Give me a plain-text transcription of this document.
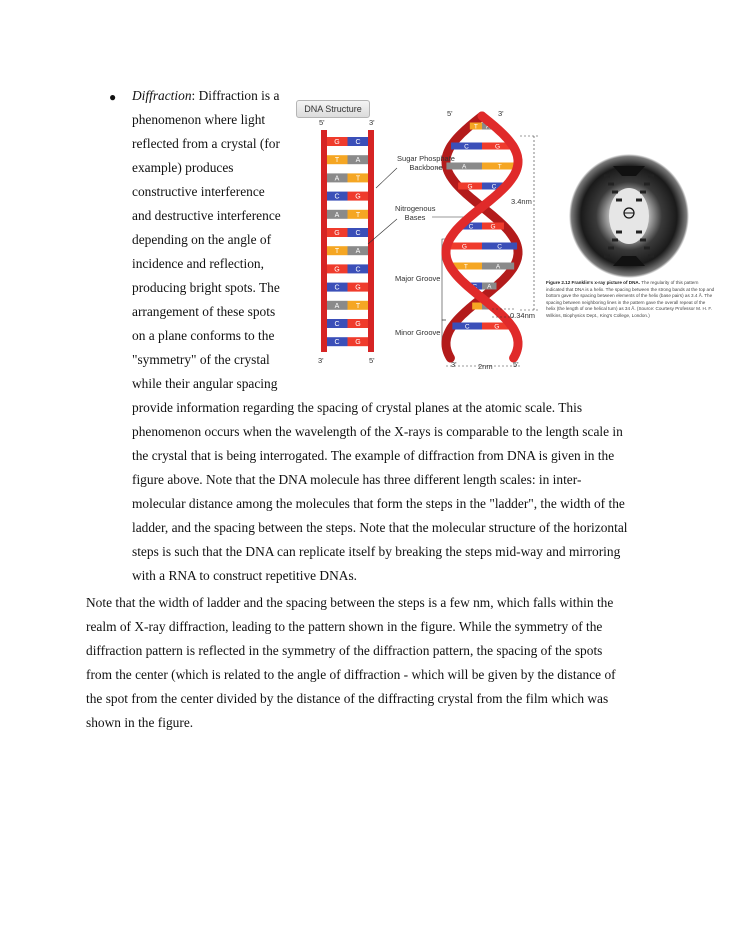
● Diffraction: Diffraction is a
phenomenon where light
reflected from a crystal (for
example) produces
constructive interference
and destructive interference
depending on the angle of
incidence and reflection,
producing bright spots. The
arrangement of these spots
on a plane conforms to the
"symmetry" of the crystal
while their angular spacing
provide information regarding the spacing of crystal planes at the atomic scale. This
phenomenon occurs when the wavelength of the X-rays is comparable to the length scale in
the crystal that is being interrogated. The example of diffraction from DNA is given in the
figure above. Note that the DNA molecule has three different length scales: in inter-
molecular distance among the molecules that form the steps in the "ladder", the width of the
ladder, and the spacing between the steps. Note that the molecular structure of the horizontal
steps is such that the DNA can replicate itself by breaking the steps mid-way and mirroring
with a RNA to construct repetitive DNAs.
Note that the width of ladder and the spacing between the steps is a few nm, which falls within the
realm of X-ray diffraction, leading to the pattern shown in the figure. While the symmetry of the
diffraction pattern is reflected in the symmetry of the diffraction pattern, the spacing of the spots
from the center (which is related to the angle of diffraction - which will be given by the distance of
the spot from the center divided by the distance of the diffracting crystal from the film which was
shown in the figure.
DNA Structure
5'	3'
3'	5'
G C
T A
A T
C G
A T
G C
T A
G C
C G
A T
C G
C G
T A
C	G
A	T
G	C
C	G
G	C
T	A
C A
C	G
Sugar Phosphate
Backbone
Nitrogenous
Bases
Major Groove
Minor Groove
5'	3'
3'	5'
3.4nm
0.34nm
2nm
Figure 2.12 Franklin's x-ray picture of DNA. The regularity of this pattern indicated that DNA is a helix. The spacing between the strong bands at the top and bottom gave the spacing between elements of the helix (base pairs) as 3.4 Å. The spacing between neighboring lines in the pattern gave the overall repeat of the helix (the length of one helical turn) as 34 Å. (Source: Courtesy Professor M. H. F. Wilkins, Biophysics Dept., King's College, London.)
